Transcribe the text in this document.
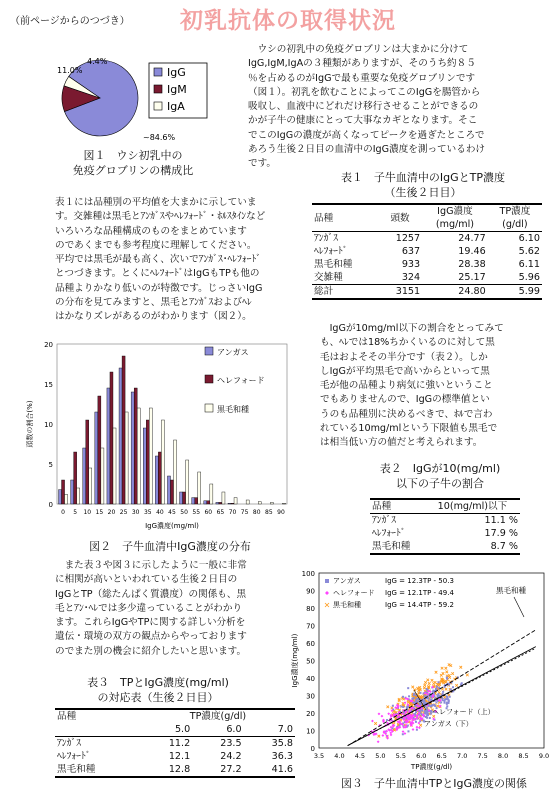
（前ページからのつづき） 初乳抗体の取得状況
IgG
IgM
IgA
11.0%
4.4%
~84.6%
図１　ウシ初乳中の
免疫グロブリンの構成比
　ウシの初乳中の免疫グロブリンは大まかに分けて
IgG,IgM,IgAの３種類がありますが、そのうち約８５
％を占めるのがIgGで最も重要な免疫グロブリンです
（図１）。初乳を飲むことによってこのIgGを腸管から
吸収し、血液中にどれだけ移行させることができるの
かが子牛の健康にとって大事なカギとなります。そこ
でこのIgGの濃度が高くなってピークを過ぎたところで
あろう生後２日目の血清中のIgG濃度を測っているわけ
です。
表１　子牛血清中のIgGとTP濃度
（生後２日目）
品種	頭数	IgG濃度
(mg/ml)	TP濃度
(g/dl)
ｱﾝｶﾞｽ	1257	24.77	6.10
ﾍﾚﾌｫｰﾄﾞ	637	19.46	5.62
黒毛和種	933	28.38	6.11
交雑種	324	25.17	5.96
総計	3151	24.80	5.99
表１には品種別の平均値を大まかに示していま
す。交雑種は黒毛とｱﾝｶﾞｽやﾍﾚﾌｫｰﾄﾞ・ﾎﾙｽﾀｲﾝなど
いろいろな品種構成のものをまとめています
のであくまでも参考程度に理解してください。
平均では黒毛が最も高く、次いでｱﾝｶﾞｽ･ﾍﾚﾌｫｰﾄﾞ
とつづきます。とくにﾍﾚﾌｫｰﾄﾞはIgGもTPも他の
品種よりかなり低いのが特徴です。じっさいIgG
の分布を見てみますと、黒毛とｱﾝｶﾞｽおよびﾍﾚ
はかなりズレがあるのがわかります（図２）。
0
5
10
15
20
0 5 10 15 20 25 30 35 40 45 50 55 60 65 70 75 80 85 90
IgG濃度(mg/ml)
頭数の割合(%)
アンガス
ヘレフォード
黒毛和種
図２　子牛血清中IgG濃度の分布
　IgGが10mg/ml以下の割合をとってみて
も、ﾍﾚでは18%ちかくいるのに対して黒
毛はおよそその半分です（表２）。しか
しIgGが平均黒毛で高いからといって黒
毛が他の品種より病気に強いということ
でもありませんので、IgGの標準値とい
うのも品種別に決めるべきで、ﾎﾙで言わ
れている10mg/mlという下限値も黒毛で
は相当低い方の値だと考えられます。
表２　IgGが10(mg/ml)
以下の子牛の割合
品種	10(mg/ml)以下
ｱﾝｶﾞｽ	11.1 %
ﾍﾚﾌｫｰﾄﾞ	17.9 %
黒毛和種	8.7 %
　また表３や図３に示したように一般に非常
に相関が高いといわれている生後２日目の
IgGとTP（総たんぱく質濃度）の関係も、黒
毛とｱﾝ･ﾍﾚでは多少違っていることがわかり
ます。これらIgGやTPに関する詳しい分析を
遺伝・環境の双方の観点からやっております
のでまた別の機会に紹介したいと思います。
表３　TPとIgG濃度(mg/ml)
の対応表（生後２日目）
品種	TP濃度(g/dl)		
	5.0	6.0	7.0
ｱﾝｶﾞｽ	11.2	23.5	35.8
ﾍﾚﾌｫｰﾄﾞ	12.1	24.2	36.3
黒毛和種	12.8	27.2	41.6
0
10
20
30
40
50
60
70
80
90
100
3.5 4.0 4.5 5.0 5.5 6.0 6.5 7.0 7.5 8.0 8.5 9.0
TP濃度(g/dl)
IgG濃度(mg/ml)
アンガス	IgG = 12.3TP - 50.3
ヘレフォード IgG = 12.1TP - 49.4
黒毛和種	IgG = 14.4TP - 59.2
黒毛和種
ヘレフォード（上）
アンガス（下）
図３　子牛血清中TPとIgG濃度の関係
